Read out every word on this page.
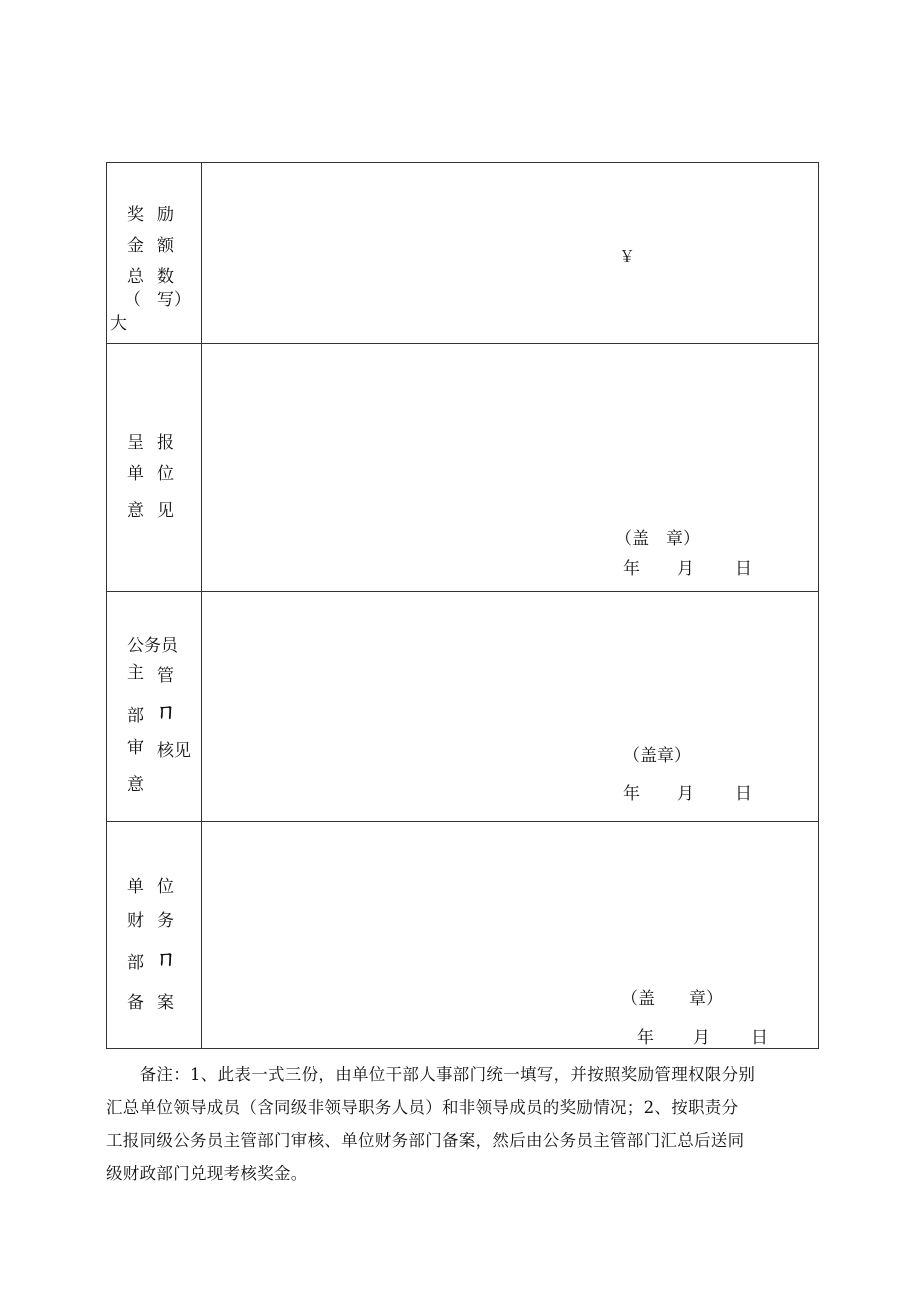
奖 励
金 额
总 数
（ 写）
大
￥
呈 报
单 位
意 见
（盖　章）
年 月 日
公务员
主 管
部 ㄇ
审 核见
意
（盖章）
年 月 日
单 位
财 务
部 ㄇ
备 案	（盖　　章）
年 月 日
　　备注：1、此表一式三份，由单位干部人事部门统一填写，并按照奖励管理权限分别
汇总单位领导成员（含同级非领导职务人员）和非领导成员的奖励情况；2、按职责分
工报同级公务员主管部门审核、单位财务部门备案，然后由公务员主管部门汇总后送同
级财政部门兑现考核奖金。
